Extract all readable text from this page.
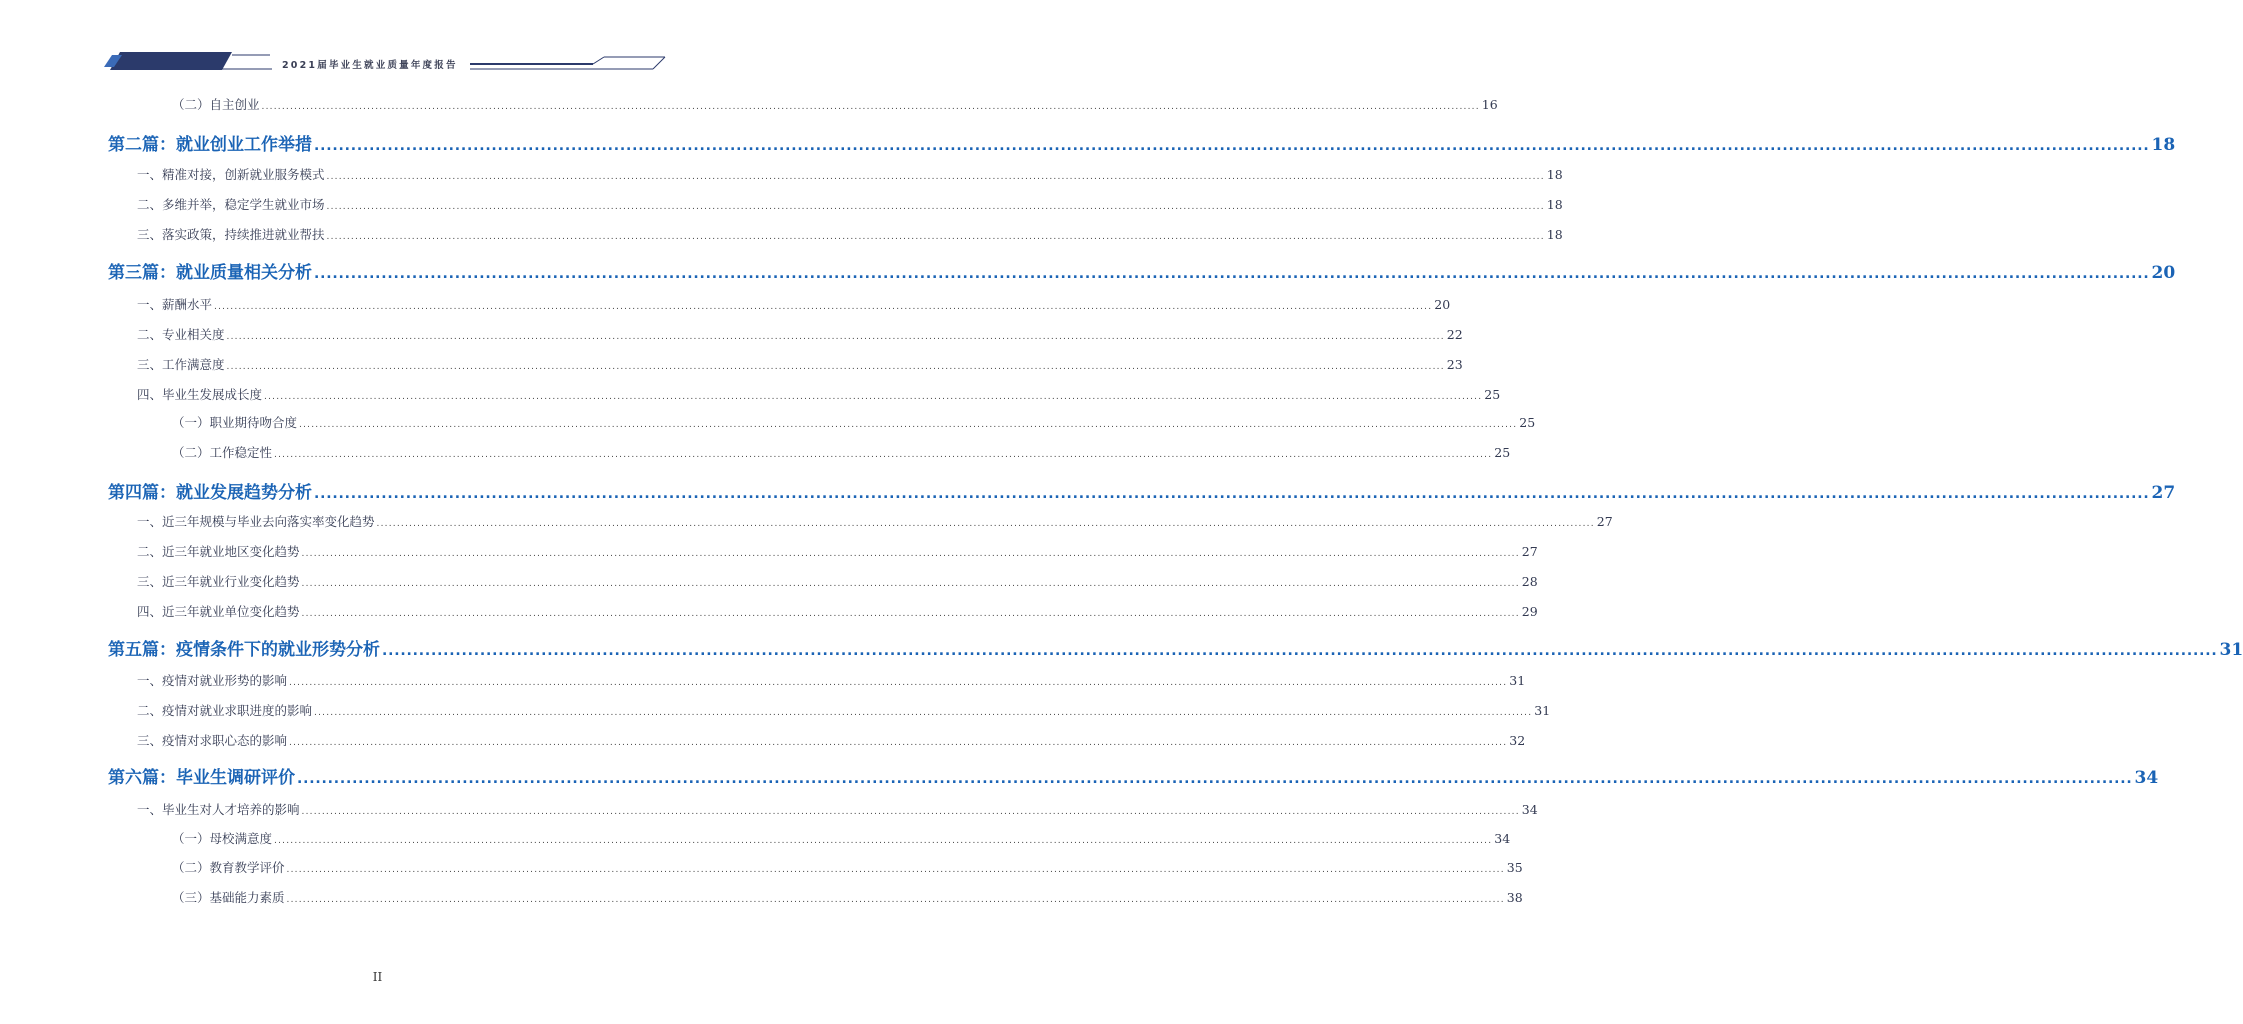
2021届毕业生就业质量年度报告
（二）自主创业 ............................................................................................................................................................................................................................................................................................................ 16
第二篇：就业创业工作举措 ............................................................................................................................................................................................................................................................................................................ 18
一、精准对接，创新就业服务模式 ............................................................................................................................................................................................................................................................................................................ 18
二、多维并举，稳定学生就业市场 ............................................................................................................................................................................................................................................................................................................ 18
三、落实政策，持续推进就业帮扶 ............................................................................................................................................................................................................................................................................................................ 18
第三篇：就业质量相关分析 ............................................................................................................................................................................................................................................................................................................ 20
一、薪酬水平 ............................................................................................................................................................................................................................................................................................................ 20
二、专业相关度 ............................................................................................................................................................................................................................................................................................................ 22
三、工作满意度 ............................................................................................................................................................................................................................................................................................................ 23
四、毕业生发展成长度 ............................................................................................................................................................................................................................................................................................................ 25
（一）职业期待吻合度 ............................................................................................................................................................................................................................................................................................................ 25
（二）工作稳定性 ............................................................................................................................................................................................................................................................................................................ 25
第四篇：就业发展趋势分析 ............................................................................................................................................................................................................................................................................................................ 27
一、近三年规模与毕业去向落实率变化趋势 ............................................................................................................................................................................................................................................................................................................ 27
二、近三年就业地区变化趋势 ............................................................................................................................................................................................................................................................................................................ 27
三、近三年就业行业变化趋势 ............................................................................................................................................................................................................................................................................................................ 28
四、近三年就业单位变化趋势 ............................................................................................................................................................................................................................................................................................................ 29
第五篇：疫情条件下的就业形势分析 ............................................................................................................................................................................................................................................................................................................ 31
一、疫情对就业形势的影响 ............................................................................................................................................................................................................................................................................................................ 31
二、疫情对就业求职进度的影响 ............................................................................................................................................................................................................................................................................................................ 31
三、疫情对求职心态的影响 ............................................................................................................................................................................................................................................................................................................ 32
第六篇：毕业生调研评价 ............................................................................................................................................................................................................................................................................................................ 34
一、毕业生对人才培养的影响 ............................................................................................................................................................................................................................................................................................................ 34
（一）母校满意度 ............................................................................................................................................................................................................................................................................................................ 34
（二）教育教学评价 ............................................................................................................................................................................................................................................................................................................ 35
（三）基础能力素质 ............................................................................................................................................................................................................................................................................................................ 38
II
